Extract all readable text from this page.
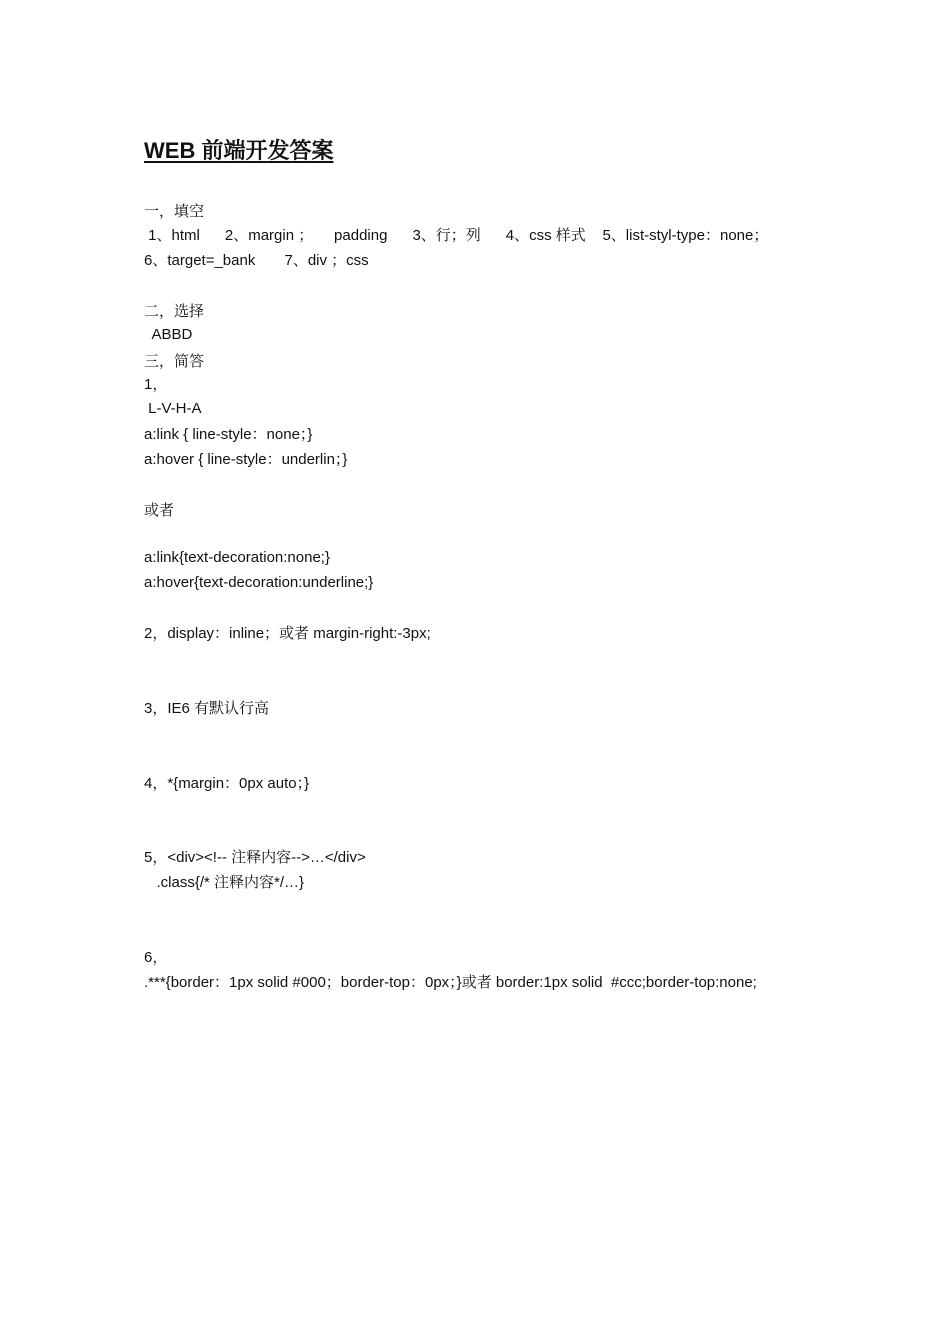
WEB 前端开发答案
一，填空
1、html      2、margin ；     padding      3、行；列      4、css 样式    5、list-styl-type：none；
6、target=_bank       7、div ；css
二，选择
ABBD
三，简答
1，
L-V-H-A
a:link { line-style：none；}
a:hover { line-style：underlin；}
或者
a:link{text-decoration:none;}
a:hover{text-decoration:underline;}
2，display：inline；或者 margin-right:-3px;
3，IE6 有默认行高
4，*{margin：0px auto；}
5，<div><!-- 注释内容-->…</div>
.class{/* 注释内容*/…}
6，
.***{border：1px solid #000；border-top：0px；}或者 border:1px solid  #ccc;border-top:none;
